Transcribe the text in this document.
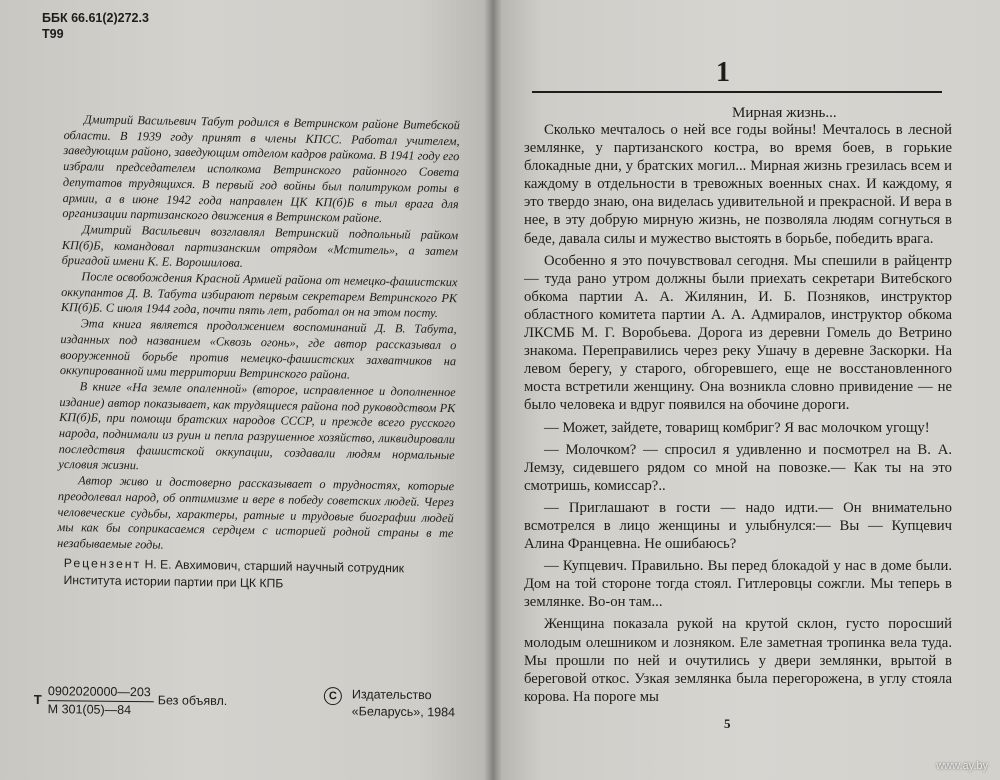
ББК 66.61(2)272.3
Т99

Дмитрий Васильевич Табут родился в Ветринском районе Витебской области. В 1939 году принят в члены КПСС. Работал учителем, заведующим районо, заведующим отделом кадров райкома. В 1941 году его избрали председателем исполкома Ветринского районного Совета депутатов трудящихся. В первый год войны был политруком роты в армии, а в июне 1942 года направлен ЦК КП(б)Б в тыл врага для организации партизанского движения в Ветринском районе.

Дмитрий Васильевич возглавлял Ветринский подпольный райком КП(б)Б, командовал партизанским отрядом «Мститель», а затем бригадой имени К. Е. Ворошилова.

После освобождения Красной Армией района от немецко-фашистских оккупантов Д. В. Табута избирают первым секретарем Ветринского РК КП(б)Б. С июля 1944 года, почти пять лет, работал он на этом посту.

Эта книга является продолжением воспоминаний Д. В. Табута, изданных под названием «Сквозь огонь», где автор рассказывал о вооруженной борьбе против немецко-фашистских захватчиков на оккупированной ими территории Ветринского района.

В книге «На земле опаленной» (второе, исправленное и дополненное издание) автор показывает, как трудящиеся района под руководством РК КП(б)Б, при помощи братских народов СССР, и прежде всего русского народа, поднимали из руин и пепла разрушенное хозяйство, ликвидировали последствия фашистской оккупации, создавали людям нормальные условия жизни.

Автор живо и достоверно рассказывает о трудностях, которые преодолевал народ, об оптимизме и вере в победу советских людей. Через человеческие судьбы, характеры, ратные и трудовые биографии людей мы как бы соприкасаемся сердцем с историей родной страны в те незабываемые годы.

Рецензент Н. Е. Авхимович, старший научный сотрудник Института истории партии при ЦК КПБ
Т
0902020000—203
М 301(05)—84
Без объявл.	C	Издательство
«Беларусь», 1984
1
Мирная жизнь...

Сколько мечталось о ней все годы войны! Мечталось в лесной землянке, у партизанского костра, во время боев, в горькие блокадные дни, у братских могил... Мирная жизнь грезилась всем и каждому в отдельности в тревожных военных снах. И каждому, я это твердо знаю, она виделась удивительной и прекрасной. И вера в нее, в эту добрую мирную жизнь, не позволяла людям согнуться в беде, давала силы и мужество выстоять в борьбе, победить врага.

Особенно я это почувствовал сегодня. Мы спешили в райцентр — туда рано утром должны были приехать секретари Витебского обкома партии А. А. Жилянин, И. Б. Позняков, инструктор областного комитета партии А. А. Адмиралов, инструктор обкома ЛКСМБ М. Г. Воробьева. Дорога из деревни Гомель до Ветрино знакома. Переправились через реку Ушачу в деревне Заскорки. На левом берегу, у старого, обгоревшего, еще не восстановленного моста встретили женщину. Она возникла словно привидение — не было человека и вдруг появился на обочине дороги.

— Может, зайдете, товарищ комбриг? Я вас молочком угощу!

— Молочком? — спросил я удивленно и посмотрел на В. А. Лемзу, сидевшего рядом со мной на повозке.— Как ты на это смотришь, комиссар?..

— Приглашают в гости — надо идти.— Он внимательно всмотрелся в лицо женщины и улыбнулся:— Вы — Купцевич Алина Францевна. Не ошибаюсь?

— Купцевич. Правильно. Вы перед блокадой у нас в доме были. Дом на той стороне тогда стоял. Гитлеровцы сожгли. Мы теперь в землянке. Во-он там...

Женщина показала рукой на крутой склон, густо поросший молодым олешником и лозняком. Еле заметная тропинка вела туда. Мы прошли по ней и очутились у двери землянки, врытой в береговой откос. Узкая землянка была перегорожена, в углу стояла корова. На пороге мы

5
www.ay.by
